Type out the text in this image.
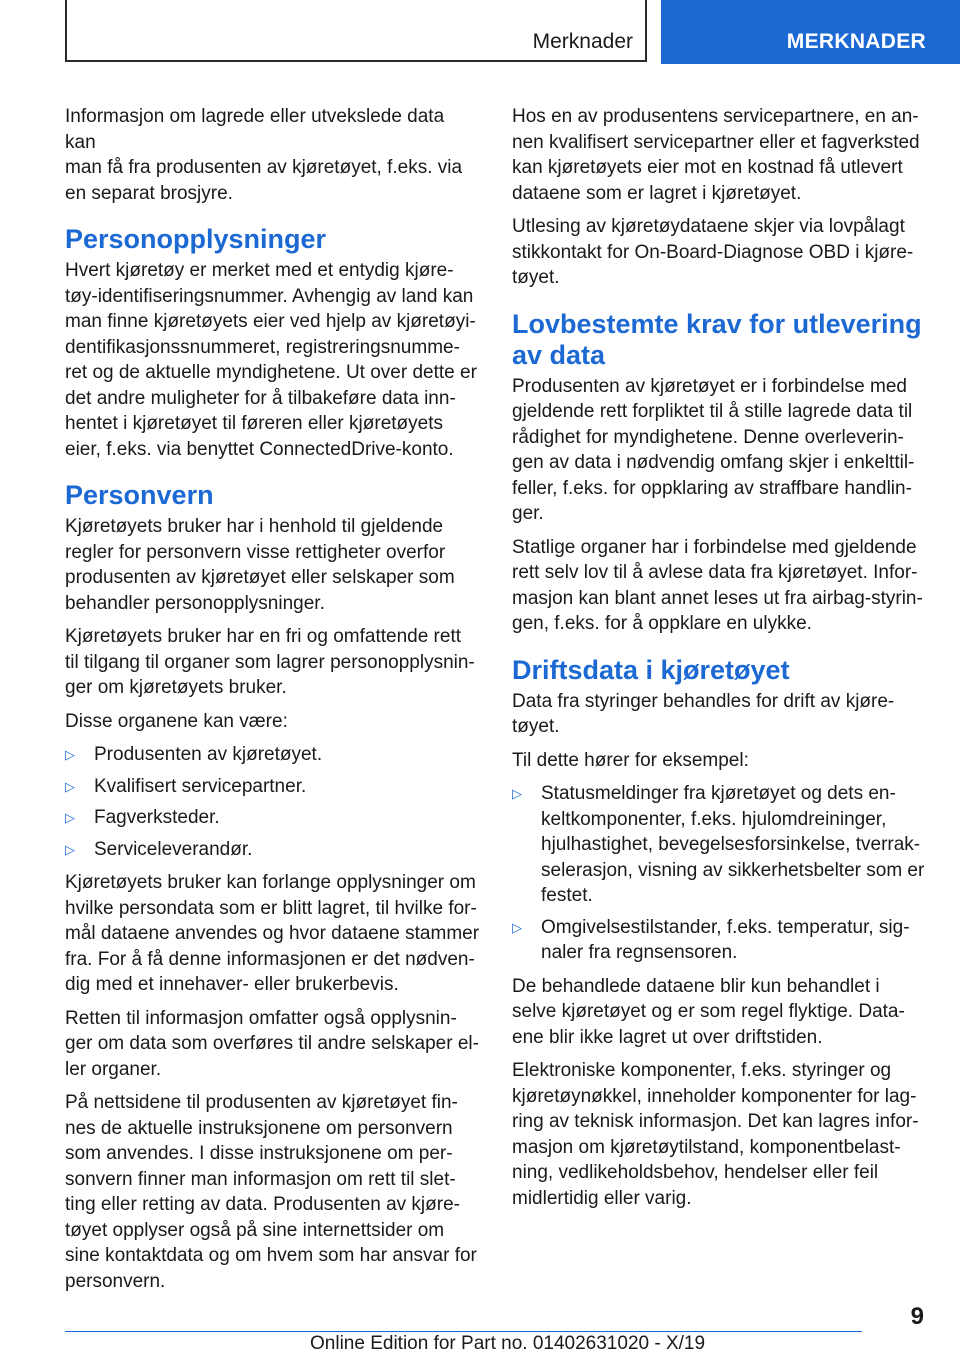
Merknader	MERKNADER

Informasjon om lagrede eller utvekslede data kan
man få fra produsenten av kjøretøyet, f.eks. via
en separat brosjyre.

Personopplysninger

Hvert kjøretøy er merket med et entydig kjøre-
tøy-identifiseringsnummer. Avhengig av land kan
man finne kjøretøyets eier ved hjelp av kjøretøyi-
dentifikasjonssnummeret, registreringsnumme-
ret og de aktuelle myndighetene. Ut over dette er
det andre muligheter for å tilbakeføre data inn-
hentet i kjøretøyet til føreren eller kjøretøyets
eier, f.eks. via benyttet ConnectedDrive-konto.

Personvern

Kjøretøyets bruker har i henhold til gjeldende
regler for personvern visse rettigheter overfor
produsenten av kjøretøyet eller selskaper som
behandler personopplysninger.

Kjøretøyets bruker har en fri og omfattende rett
til tilgang til organer som lagrer personopplysnin-
ger om kjøretøyets bruker.

Disse organene kan være:

▷	Produsenten av kjøretøyet.
▷	Kvalifisert servicepartner.
▷	Fagverksteder.
▷	Serviceleverandør.

Kjøretøyets bruker kan forlange opplysninger om
hvilke persondata som er blitt lagret, til hvilke for-
mål dataene anvendes og hvor dataene stammer
fra. For å få denne informasjonen er det nødven-
dig med et innehaver- eller brukerbevis.

Retten til informasjon omfatter også opplysnin-
ger om data som overføres til andre selskaper el-
ler organer.

På nettsidene til produsenten av kjøretøyet fin-
nes de aktuelle instruksjonene om personvern
som anvendes. I disse instruksjonene om per-
sonvern finner man informasjon om rett til slet-
ting eller retting av data. Produsenten av kjøre-
tøyet opplyser også på sine internettsider om
sine kontaktdata og om hvem som har ansvar for
personvern.

Hos en av produsentens servicepartnere, en an-
nen kvalifisert servicepartner eller et fagverksted
kan kjøretøyets eier mot en kostnad få utlevert
dataene som er lagret i kjøretøyet.

Utlesing av kjøretøydataene skjer via lovpålagt
stikkontakt for On-Board-Diagnose OBD i kjøre-
tøyet.

Lovbestemte krav for utlevering
av data

Produsenten av kjøretøyet er i forbindelse med
gjeldende rett forpliktet til å stille lagrede data til
rådighet for myndighetene. Denne overleverin-
gen av data i nødvendig omfang skjer i enkelttil-
feller, f.eks. for oppklaring av straffbare handlin-
ger.

Statlige organer har i forbindelse med gjeldende
rett selv lov til å avlese data fra kjøretøyet. Infor-
masjon kan blant annet leses ut fra airbag-styrin-
gen, f.eks. for å oppklare en ulykke.

Driftsdata i kjøretøyet

Data fra styringer behandles for drift av kjøre-
tøyet.

Til dette hører for eksempel:

▷	Statusmeldinger fra kjøretøyet og dets en-
keltkomponenter, f.eks. hjulomdreininger,
hjulhastighet, bevegelsesforsinkelse, tverrak-
selerasjon, visning av sikkerhetsbelter som er
festet.
▷	Omgivelsestilstander, f.eks. temperatur, sig-
naler fra regnsensoren.

De behandlede dataene blir kun behandlet i
selve kjøretøyet og er som regel flyktige. Data-
ene blir ikke lagret ut over driftstiden.

Elektroniske komponenter, f.eks. styringer og
kjøretøynøkkel, inneholder komponenter for lag-
ring av teknisk informasjon. Det kan lagres infor-
masjon om kjøretøytilstand, komponentbelast-
ning, vedlikeholdsbehov, hendelser eller feil
midlertidig eller varig.

9
Online Edition for Part no. 01402631020 - X/19
